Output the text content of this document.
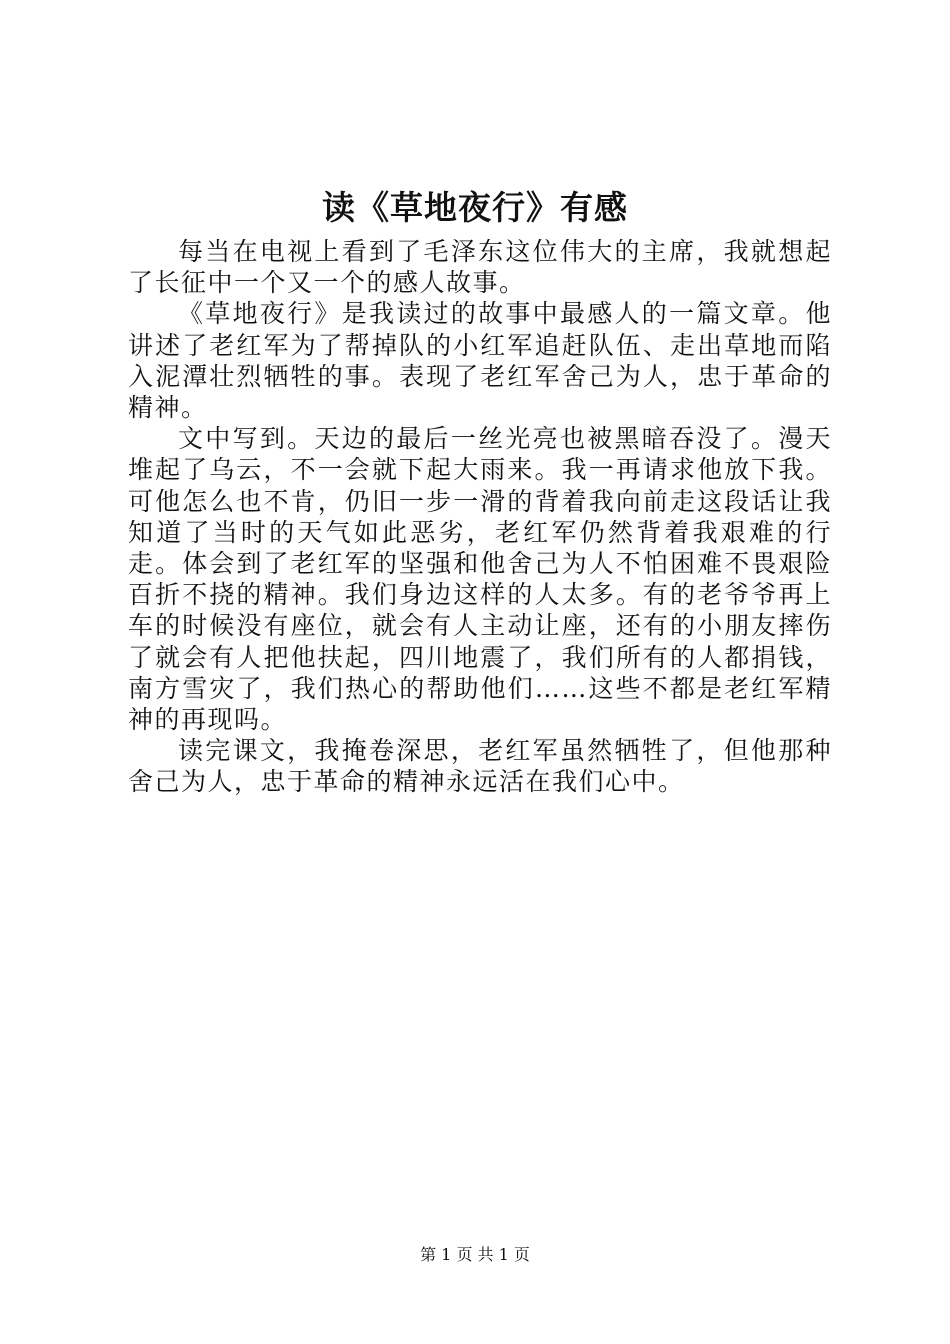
读《草地夜行》有感

每当在电视上看到了毛泽东这位伟大的主席，我就想起了长征中一个又一个的感人故事。

《草地夜行》是我读过的故事中最感人的一篇文章。他讲述了老红军为了帮掉队的小红军追赶队伍、走出草地而陷入泥潭壮烈牺牲的事。表现了老红军舍己为人，忠于革命的精神。

文中写到。天边的最后一丝光亮也被黑暗吞没了。漫天堆起了乌云，不一会就下起大雨来。我一再请求他放下我。可他怎么也不肯，仍旧一步一滑的背着我向前走这段话让我知道了当时的天气如此恶劣，老红军仍然背着我艰难的行走。体会到了老红军的坚强和他舍己为人不怕困难不畏艰险百折不挠的精神。我们身边这样的人太多。有的老爷爷再上车的时候没有座位，就会有人主动让座，还有的小朋友摔伤了就会有人把他扶起，四川地震了，我们所有的人都捐钱，南方雪灾了，我们热心的帮助他们……这些不都是老红军精神的再现吗。

读完课文，我掩卷深思，老红军虽然牺牲了，但他那种舍己为人，忠于革命的精神永远活在我们心中。

第 1 页 共 1 页
